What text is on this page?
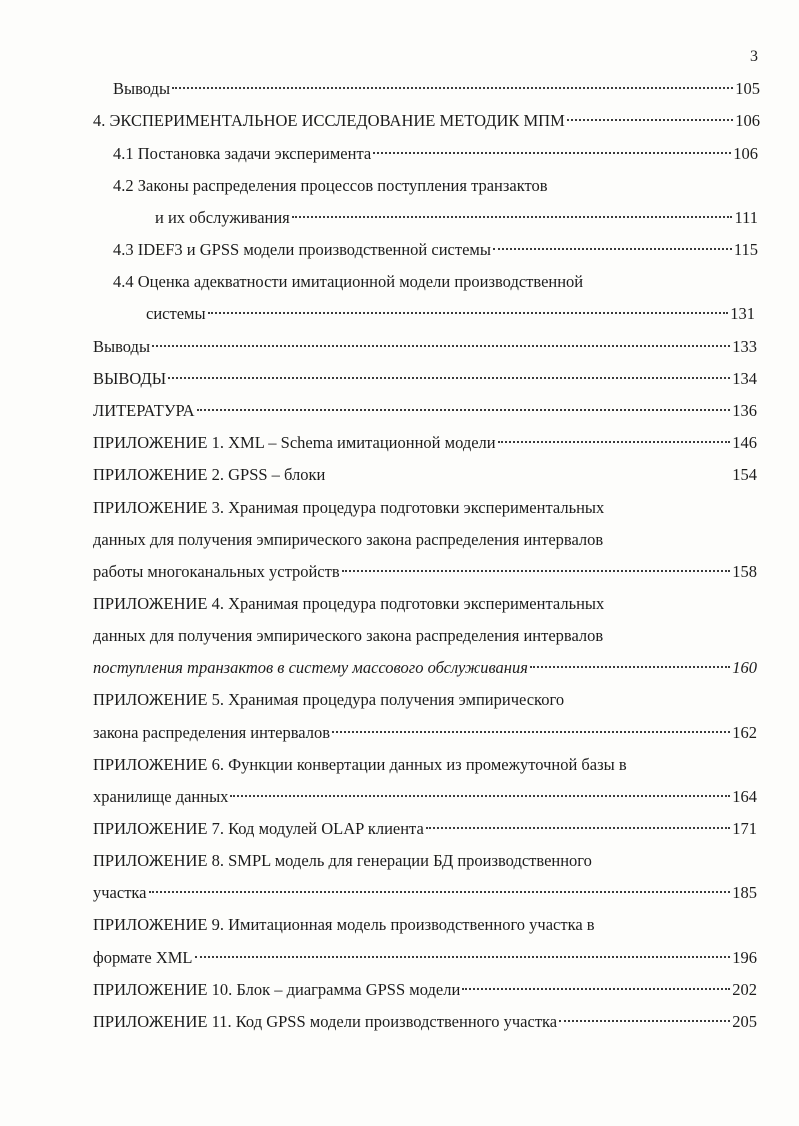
3
Выводы	105
4. ЭКСПЕРИМЕНТАЛЬНОЕ ИССЛЕДОВАНИЕ МЕТОДИК МПМ	106
4.1 Постановка задачи эксперимента	106
4.2 Законы распределения процессов поступления транзактов
и их обслуживания	111
4.3 IDEF3 и GPSS модели производственной системы	115
4.4 Оценка адекватности имитационной модели производственной
системы	131
Выводы	133
ВЫВОДЫ	134
ЛИТЕРАТУРА	136
ПРИЛОЖЕНИЕ 1. XML – Schema имитационной модели	146
ПРИЛОЖЕНИЕ 2. GPSS – блоки	154
ПРИЛОЖЕНИЕ 3. Хранимая процедура подготовки экспериментальных
данных для получения эмпирического закона распределения интервалов
работы многоканальных устройств	158
ПРИЛОЖЕНИЕ 4. Хранимая процедура подготовки экспериментальных
данных для получения эмпирического закона распределения интервалов
поступления транзактов в систему массового обслуживания	160
ПРИЛОЖЕНИЕ 5. Хранимая процедура получения эмпирического
закона распределения интервалов	162
ПРИЛОЖЕНИЕ 6. Функции конвертации данных из промежуточной базы в
хранилище данных	164
ПРИЛОЖЕНИЕ 7. Код модулей OLAP клиента	171
ПРИЛОЖЕНИЕ 8. SMPL модель для генерации БД производственного
участка	185
ПРИЛОЖЕНИЕ 9. Имитационная модель производственного участка в
формате XML	196
ПРИЛОЖЕНИЕ 10. Блок – диаграмма GPSS модели	202
ПРИЛОЖЕНИЕ 11. Код GPSS модели производственного участка	205
